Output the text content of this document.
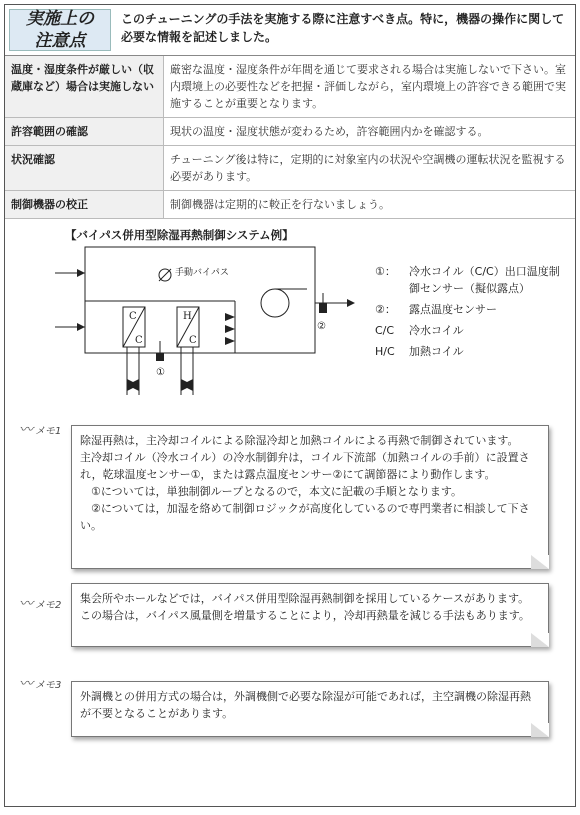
実施上の
注意点
このチューニングの手法を実施する際に注意すべき点。特に，機器の操作に関して必要な情報を記述しました。
温度・湿度条件が厳しい（収蔵庫など）場合は実施しない	厳密な温度・湿度条件が年間を通じて要求される場合は実施しないで下さい。室内環境上の必要性などを把握・評価しながら，室内環境上の許容できる範囲で実施することが重要となります。
許容範囲の確認	現状の温度・湿度状態が変わるため，許容範囲内かを確認する。
状況確認	チューニング後は特に，定期的に対象室内の状況や空調機の運転状況を監視する必要があります。
制御機器の校正	制御機器は定期的に較正を行ないましょう。
【バイパス併用型除湿再熱制御システム例】
C
C
H
C
①
②
手動バイパス	①：	冷水コイル（C/C）出口温度制御センサー（擬似露点）
②：	露点温度センサー
C/C	冷水コイル
H/C	加熱コイル
〰 メモ1

除湿再熱は，主冷却コイルによる除湿冷却と加熱コイルによる再熱で制御されています。

主冷却コイル（冷水コイル）の冷水制御弁は，コイル下流部（加熱コイルの手前）に設置され，乾球温度センサー①，または露点温度センサー②にて調節器により動作します。

　①については，単独制御ループとなるので，本文に記載の手順となります。

　②については，加湿を絡めて制御ロジックが高度化しているので専門業者に相談して下さい。

〰 メモ2

集会所やホールなどでは，バイパス併用型除湿再熱制御を採用しているケースがあります。

この場合は，バイパス風量側を増量することにより，冷却再熱量を減じる手法もあります。

〰 メモ3

外調機との併用方式の場合は，外調機側で必要な除湿が可能であれば，主空調機の除湿再熱が不要となることがあります。
